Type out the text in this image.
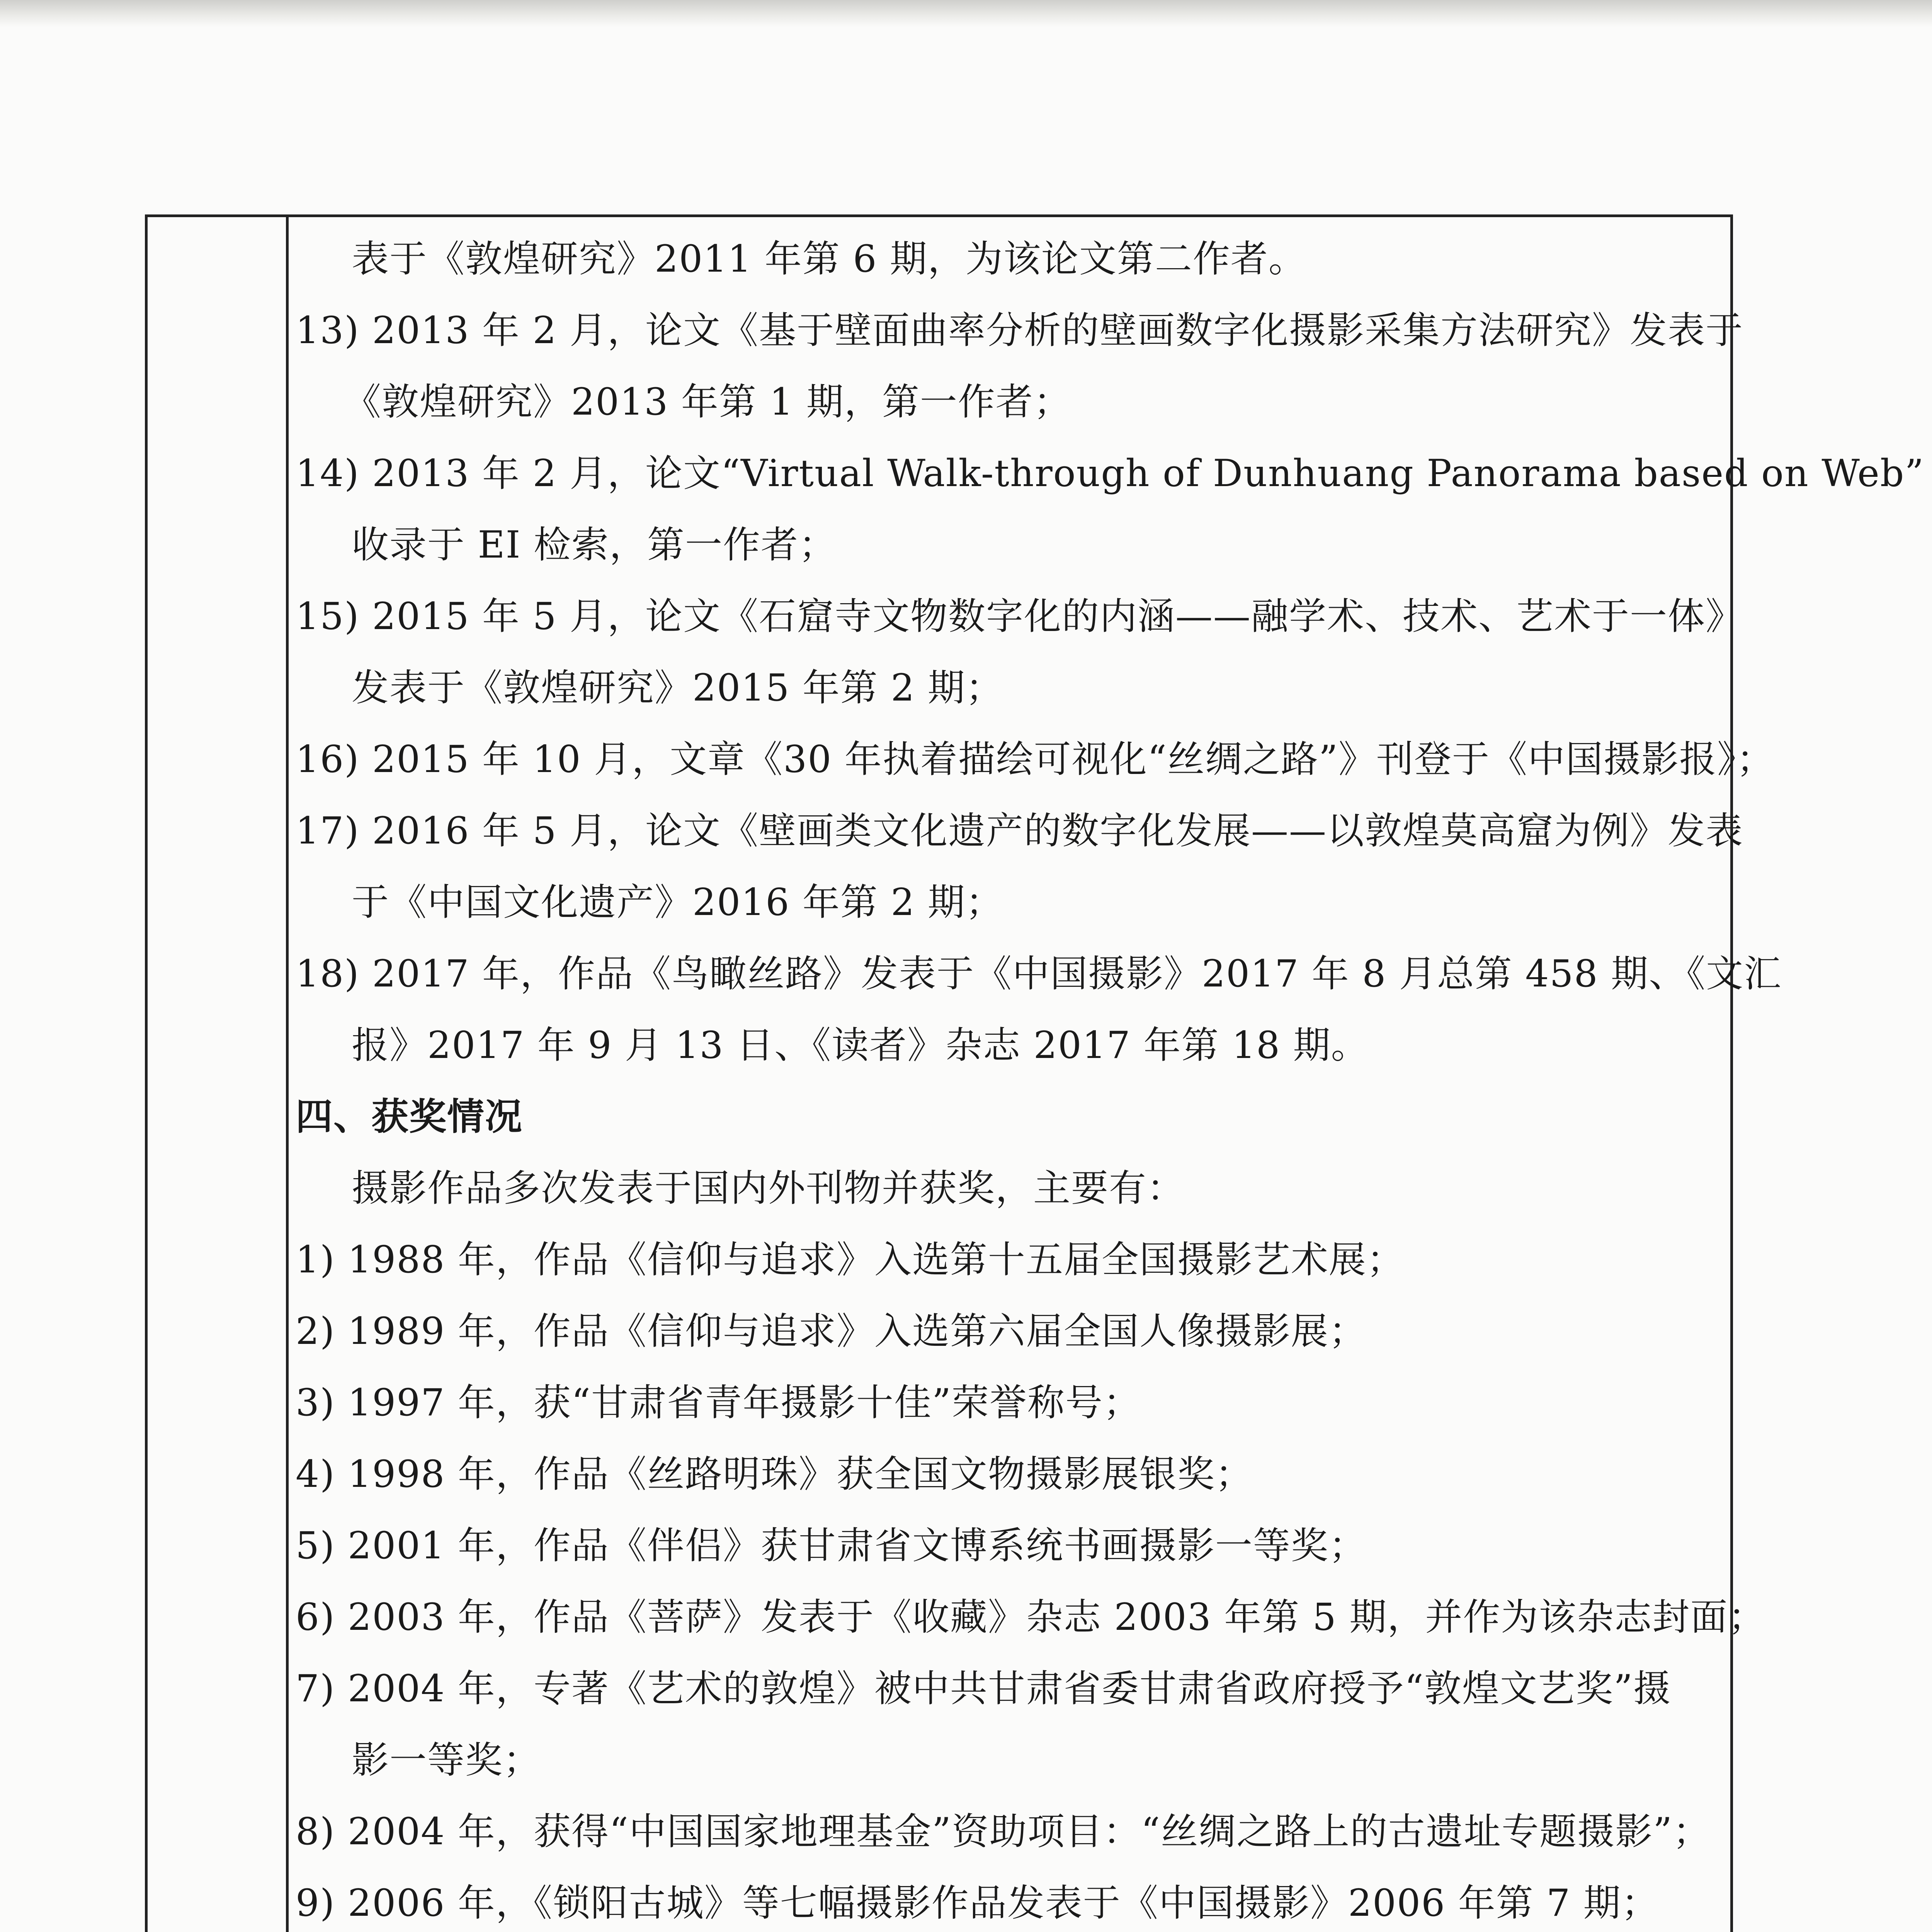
表于《敦煌研究》2011 年第 6 期，为该论文第二作者。
13) 2013 年 2 月，论文《基于壁面曲率分析的壁画数字化摄影采集方法研究》发表于
《敦煌研究》2013 年第 1 期，第一作者；
14) 2013 年 2 月，论文“Virtual Walk-through of Dunhuang Panorama based on Web”
收录于 EI 检索，第一作者；
15) 2015 年 5 月，论文《石窟寺文物数字化的内涵——融学术、技术、艺术于一体》
发表于《敦煌研究》2015 年第 2 期；
16) 2015 年 10 月，文章《30 年执着描绘可视化“丝绸之路”》刊登于《中国摄影报》；
17) 2016 年 5 月，论文《壁画类文化遗产的数字化发展——以敦煌莫高窟为例》发表
于《中国文化遗产》2016 年第 2 期；
18) 2017 年，作品《鸟瞰丝路》发表于《中国摄影》2017 年 8 月总第 458 期、《文汇
报》2017 年 9 月 13 日、《读者》杂志 2017 年第 18 期。
四、获奖情况
摄影作品多次发表于国内外刊物并获奖，主要有：
1) 1988 年，作品《信仰与追求》入选第十五届全国摄影艺术展；
2) 1989 年，作品《信仰与追求》入选第六届全国人像摄影展；
3) 1997 年，获“甘肃省青年摄影十佳”荣誉称号；
4) 1998 年，作品《丝路明珠》获全国文物摄影展银奖；
5) 2001 年，作品《伴侣》获甘肃省文博系统书画摄影一等奖；
6) 2003 年，作品《菩萨》发表于《收藏》杂志 2003 年第 5 期，并作为该杂志封面；
7) 2004 年，专著《艺术的敦煌》被中共甘肃省委甘肃省政府授予“敦煌文艺奖”摄
影一等奖；
8) 2004 年，获得“中国国家地理基金”资助项目：“丝绸之路上的古遗址专题摄影”；
9) 2006 年，《锁阳古城》等七幅摄影作品发表于《中国摄影》2006 年第 7 期；
